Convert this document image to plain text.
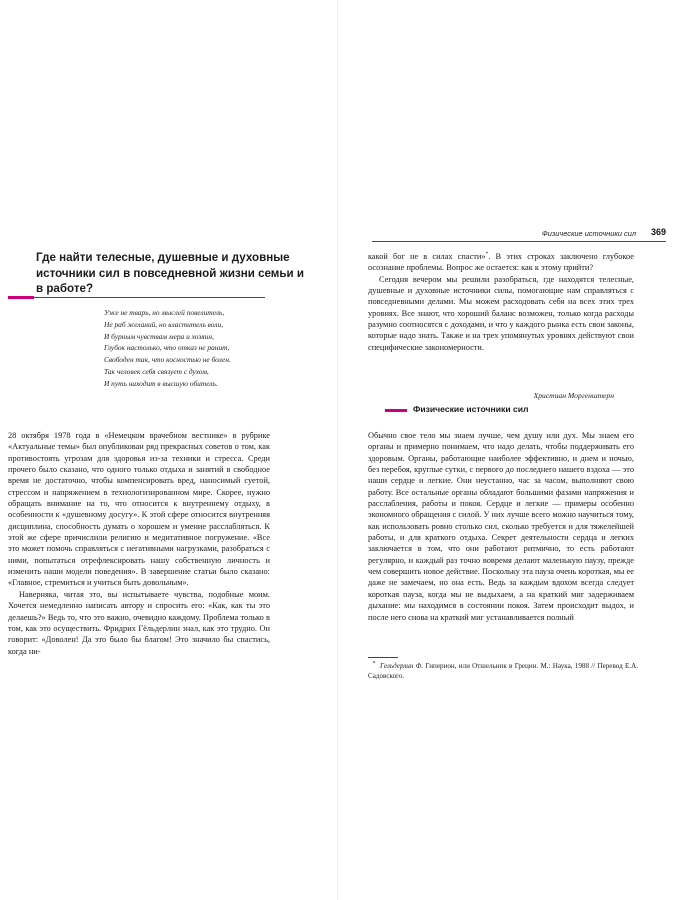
Где найти телесные, душевные и духовные источники сил в повседневной жизни семьи и в работе?
Уже не тварь, но мыслей повелитель,
Не раб желаний, но властитель воли,
И бурным чувствам мера и хозяин,
Глубок настолько, что отказ не ранит,
Свободен так, что косностью не болен.
Так человек себя связует с духом,
И путь находит в высшую обитель.
Христиан Моргенштерн

28 октября 1978 года в «Немецком врачебном вестнике» в рубрике «Актуальные темы» был опубликован ряд прекрасных советов о том, как противостоять угрозам для здоровья из-за техники и стресса. Среди прочего было сказано, что одного только отдыха и занятий в свободное время не достаточно, чтобы компенсировать вред, наносимый суетой, стрессом и напряжением в технологизированном мире. Скорее, нужно обращать внимание на то, что относится к внутреннему отдыху, в особенности к «душевному досугу». К этой сфере относится внутренняя дисциплина, способность думать о хорошем и умение расслабляться. К этой же сфере причислили религию и медитативное погружение. «Все это может помочь справляться с негативными нагрузками, разобраться с ними, попытаться отрефлексировать нашу собственную личность и изменить наши модели поведения». В завершение статьи было сказано: «Главное, стремиться и учиться быть довольным».

Наверняка, читая это, вы испытываете чувства, подобные моим. Хочется немедленно написать автору и спросить его: «Как, как ты это делаешь?» Ведь то, что это важно, очевидно каждому. Проблема только в том, как это осуществить. Фридрих Гёльдерлин знал, как это трудно. Он говорит: «Доволен! Да это было бы благом! Это значило бы спастись, когда ни-

Физические источники сил 369

какой бог не в силах спасти»*. В этих строках заключено глубокое осознание проблемы. Вопрос же остается: как к этому прийти?

Сегодня вечером мы решили разобраться, где находятся телесные, душевные и духовные источники силы, помогающие нам справляться с повседневными делами. Мы можем расходовать себя на всех этих трех уровнях. Все знают, что хороший баланс возможен, только когда расходы разумно соотносятся с доходами, и что у каждого рынка есть свои законы, которые надо знать. Также и на трех упомянутых уровнях действуют свои специфические закономерности.

Физические источники сил

Обычно свое тело мы знаем лучше, чем душу или дух. Мы знаем его органы и примерно понимаем, что надо делать, чтобы поддерживать его здоровым. Органы, работающие наиболее эффективно, и днем и ночью, без перебоя, круглые сутки, с первого до последнего нашего вздоха — это наши сердце и легкие. Они неустанно, час за часом, выполняют свою работу. Все остальные органы обладают большими фазами напряжения и расслабления, работы и покоя. Сердце и легкие — примеры особенно экономного обращения с силой. У них лучше всего можно научиться тому, как использовать ровно столько сил, сколько требуется и для тяжелейшей работы, и для краткого отдыха. Секрет деятельности сердца и легких заключается в том, что они работают ритмично, то есть работают регулярно, и каждый раз точно вовремя делают маленькую паузу, прежде чем совершить новое действие. Поскольку эта пауза очень короткая, мы ее даже не замечаем, но она есть. Ведь за каждым вдохом всегда следует короткая пауза, когда мы не выдыхаем, а на краткий миг задерживаем дыхание: мы находимся в состоянии покоя. Затем происходит выдох, и после него снова на краткий миг устанавливается полный

* Гельдерлин Ф. Гиперион, или Отшельник в Греции. М.: Наука, 1988 // Перевод Е.А. Садовского.
